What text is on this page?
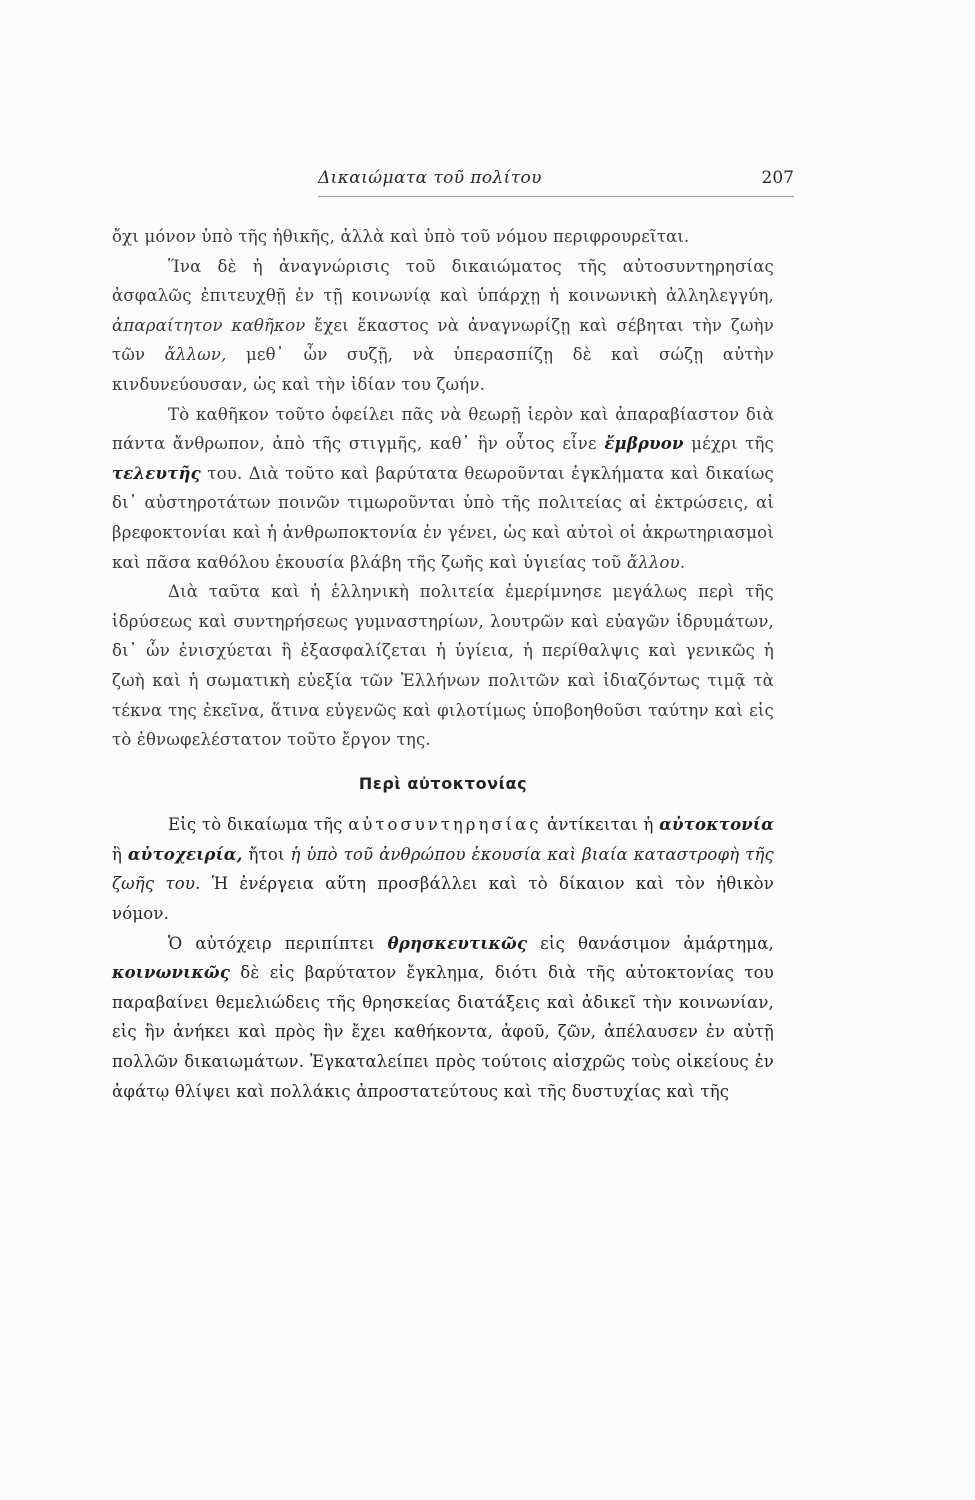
Δικαιώματα τοῦ πολίτου	207

ὄχι μόνον ὑπὸ τῆς ἠθικῆς, ἀλλὰ καὶ ὑπὸ τοῦ νόμου περιφρουρεῖται.

Ἵνα δὲ ἡ ἀναγνώρισις τοῦ δικαιώματος τῆς αὐτοσυντηρησίας ἀσφαλῶς ἐπιτευχθῇ ἐν τῇ κοινωνίᾳ καὶ ὑπάρχῃ ἡ κοινωνικὴ ἀλληλεγγύη, ἀπαραίτητον καθῆκον ἔχει ἕκαστος νὰ ἀναγνωρίζῃ καὶ σέβηται τὴν ζωὴν τῶν ἄλλων, μεθ᾽ ὧν συζῇ, νὰ ὑπερασπίζῃ δὲ καὶ σώζῃ αὐτὴν κινδυνεύουσαν, ὡς καὶ τὴν ἰδίαν του ζωήν.

Τὸ καθῆκον τοῦτο ὀφείλει πᾶς νὰ θεωρῇ ἱερὸν καὶ ἀπαραβίαστον διὰ πάντα ἄνθρωπον, ἀπὸ τῆς στιγμῆς, καθ᾽ ἣν οὗτος εἶνε ἔμβρυον μέχρι τῆς τελευτῆς του. Διὰ τοῦτο καὶ βαρύτατα θεωροῦνται ἐγκλήματα καὶ δικαίως δι᾽ αὐστηροτάτων ποινῶν τιμωροῦνται ὑπὸ τῆς πολιτείας αἱ ἐκτρώσεις, αἱ βρεφοκτονίαι καὶ ἡ ἀνθρωποκτονία ἐν γένει, ὡς καὶ αὐτοὶ οἱ ἀκρωτηριασμοὶ καὶ πᾶσα καθόλου ἑκουσία βλάβη τῆς ζωῆς καὶ ὑγιείας τοῦ ἄλλου.

Διὰ ταῦτα καὶ ἡ ἑλληνικὴ πολιτεία ἐμερίμνησε μεγάλως περὶ τῆς ἱδρύσεως καὶ συντηρήσεως γυμναστηρίων, λουτρῶν καὶ εὐαγῶν ἱδρυμάτων, δι᾽ ὧν ἐνισχύεται ἢ ἐξασφαλίζεται ἡ ὑγίεια, ἡ περίθαλψις καὶ γενικῶς ἡ ζωὴ καὶ ἡ σωματικὴ εὐεξία τῶν Ἑλλήνων πολιτῶν καὶ ἰδιαζόντως τιμᾷ τὰ τέκνα της ἐκεῖνα, ἅτινα εὐγενῶς καὶ φιλοτίμως ὑποβοηθοῦσι ταύτην καὶ εἰς τὸ ἐθνωφελέστατον τοῦτο ἔργον της.

Περὶ αὐτοκτονίας

Εἰς τὸ δικαίωμα τῆς αὐτοσυντηρησίας ἀντίκειται ἡ αὐτοκτονία ἢ αὐτοχειρία, ἤτοι ἡ ὑπὸ τοῦ ἀνθρώπου ἑκουσία καὶ βιαία καταστροφὴ τῆς ζωῆς του. Ἡ ἐνέργεια αὕτη προσβάλλει καὶ τὸ δίκαιον καὶ τὸν ἠθικὸν νόμον.

Ὁ αὐτόχειρ περιπίπτει θρησκευτικῶς εἰς θανάσιμον ἁμάρτημα, κοινωνικῶς δὲ εἰς βαρύτατον ἔγκλημα, διότι διὰ τῆς αὐτοκτονίας του παραβαίνει θεμελιώδεις τῆς θρησκείας διατάξεις καὶ ἀδικεῖ τὴν κοινωνίαν, εἰς ἣν ἀνήκει καὶ πρὸς ἣν ἔχει καθήκοντα, ἀφοῦ, ζῶν, ἀπέλαυσεν ἐν αὐτῇ πολλῶν δικαιωμάτων. Ἐγκαταλείπει πρὸς τούτοις αἰσχρῶς τοὺς οἰκείους ἐν ἀφάτῳ θλίψει καὶ πολλάκις ἀπροστατεύτους καὶ τῆς δυστυχίας καὶ τῆς
